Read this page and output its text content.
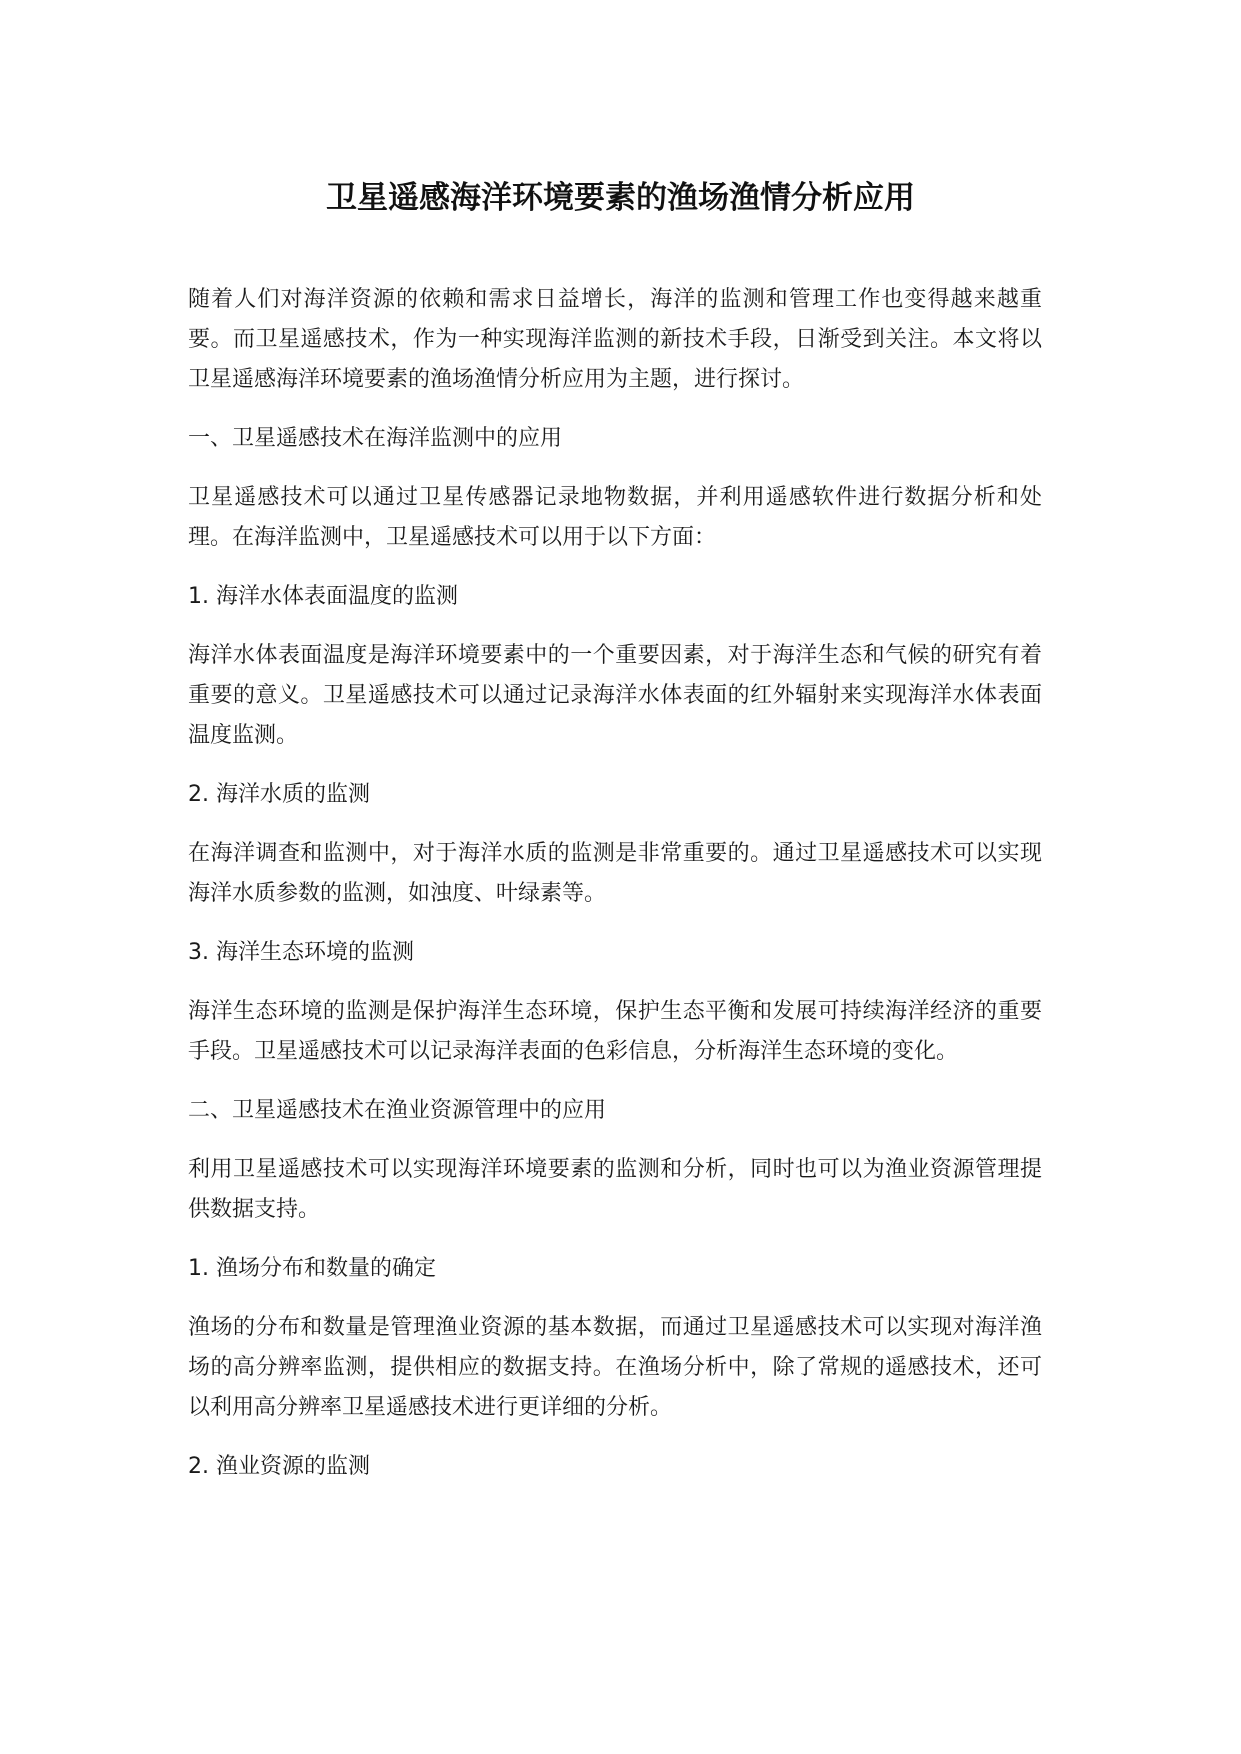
卫星遥感海洋环境要素的渔场渔情分析应用

随着人们对海洋资源的依赖和需求日益增长，海洋的监测和管理工作也变得越来越重要。而卫星遥感技术，作为一种实现海洋监测的新技术手段，日渐受到关注。本文将以卫星遥感海洋环境要素的渔场渔情分析应用为主题，进行探讨。

一、卫星遥感技术在海洋监测中的应用

卫星遥感技术可以通过卫星传感器记录地物数据，并利用遥感软件进行数据分析和处理。在海洋监测中，卫星遥感技术可以用于以下方面：

1. 海洋水体表面温度的监测

海洋水体表面温度是海洋环境要素中的一个重要因素，对于海洋生态和气候的研究有着重要的意义。卫星遥感技术可以通过记录海洋水体表面的红外辐射来实现海洋水体表面温度监测。

2. 海洋水质的监测

在海洋调查和监测中，对于海洋水质的监测是非常重要的。通过卫星遥感技术可以实现海洋水质参数的监测，如浊度、叶绿素等。

3. 海洋生态环境的监测

海洋生态环境的监测是保护海洋生态环境，保护生态平衡和发展可持续海洋经济的重要手段。卫星遥感技术可以记录海洋表面的色彩信息，分析海洋生态环境的变化。

二、卫星遥感技术在渔业资源管理中的应用

利用卫星遥感技术可以实现海洋环境要素的监测和分析，同时也可以为渔业资源管理提供数据支持。

1. 渔场分布和数量的确定

渔场的分布和数量是管理渔业资源的基本数据，而通过卫星遥感技术可以实现对海洋渔场的高分辨率监测，提供相应的数据支持。在渔场分析中，除了常规的遥感技术，还可以利用高分辨率卫星遥感技术进行更详细的分析。

2. 渔业资源的监测
